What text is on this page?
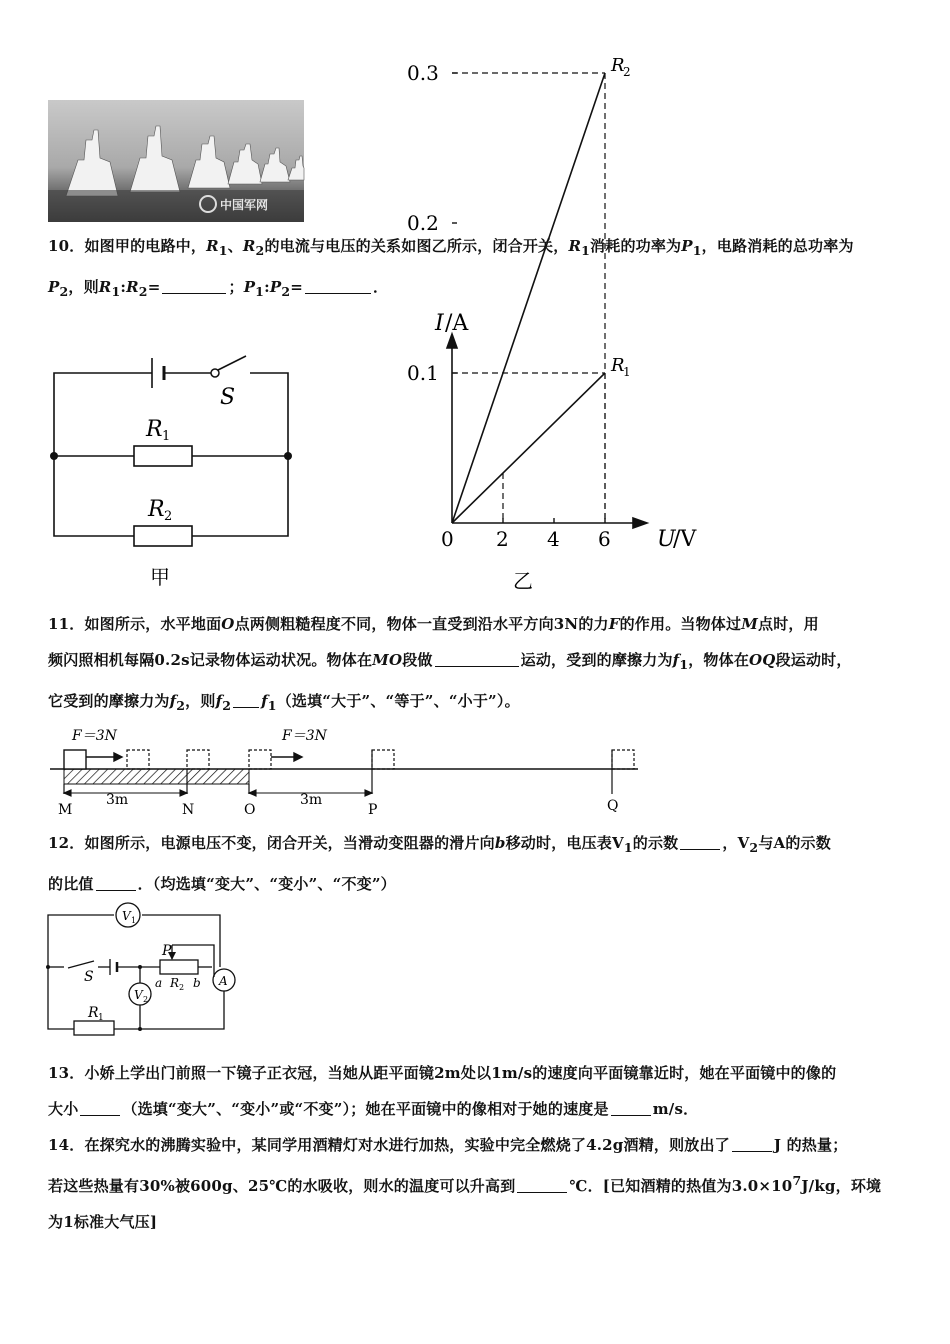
中国军网
10．如图甲的电路中，$R_1$、$R_2$的电流与电压的关系如图乙所示，闭合开关，$R_1$消耗的功率为$P_1$，电路消耗的总功率为
$P_2$，则$R_1:R_2=$	；$P_1:P_2=$	．
S
R 1
R 2
甲
I /A
U
/V
0 2 4 6
0.3
0.2
0.1
R
2
R
1
乙
11．如图所示，水平地面O点两侧粗糙程度不同，物体一直受到沿水平方向3N的力F的作用。当物体过M点时，用
频闪照相机每隔0.2s记录物体运动状况。物体在MO段做	运动，受到的摩擦力为$f_1$，物体在OQ段运动时，
它受到的摩擦力为$f_2$，则$f_2$ $f_1$（选填“大于”、“等于”、“小于”）。
F＝3N	F＝3N
3m	3m
M	N	O	P	Q
12．如图所示，电源电压不变，闭合开关，当滑动变阻器的滑片向b移动时，电压表$V_1$的示数	，$V_2$与A的示数
的比值	．（均选填“变大”、“变小”、“不变”）
V 1
S
P
a R 2 b A
V 2
R 1
13．小娇上学出门前照一下镜子正衣冠，当她从距平面镜2m处以1m/s的速度向平面镜靠近时，她在平面镜中的像的
大小	（选填“变大”、“变小”或“不变”）；她在平面镜中的像相对于她的速度是	m/s．
14．在探究水的沸腾实验中，某同学用酒精灯对水进行加热，实验中完全燃烧了4.2g酒精，则放出了	J 的热量；
若这些热量有30%被600g、25℃的水吸收，则水的温度可以升高到	℃．[已知酒精的热值为$3.0\times 10^7J/kg$，环境
为1标准大气压]
